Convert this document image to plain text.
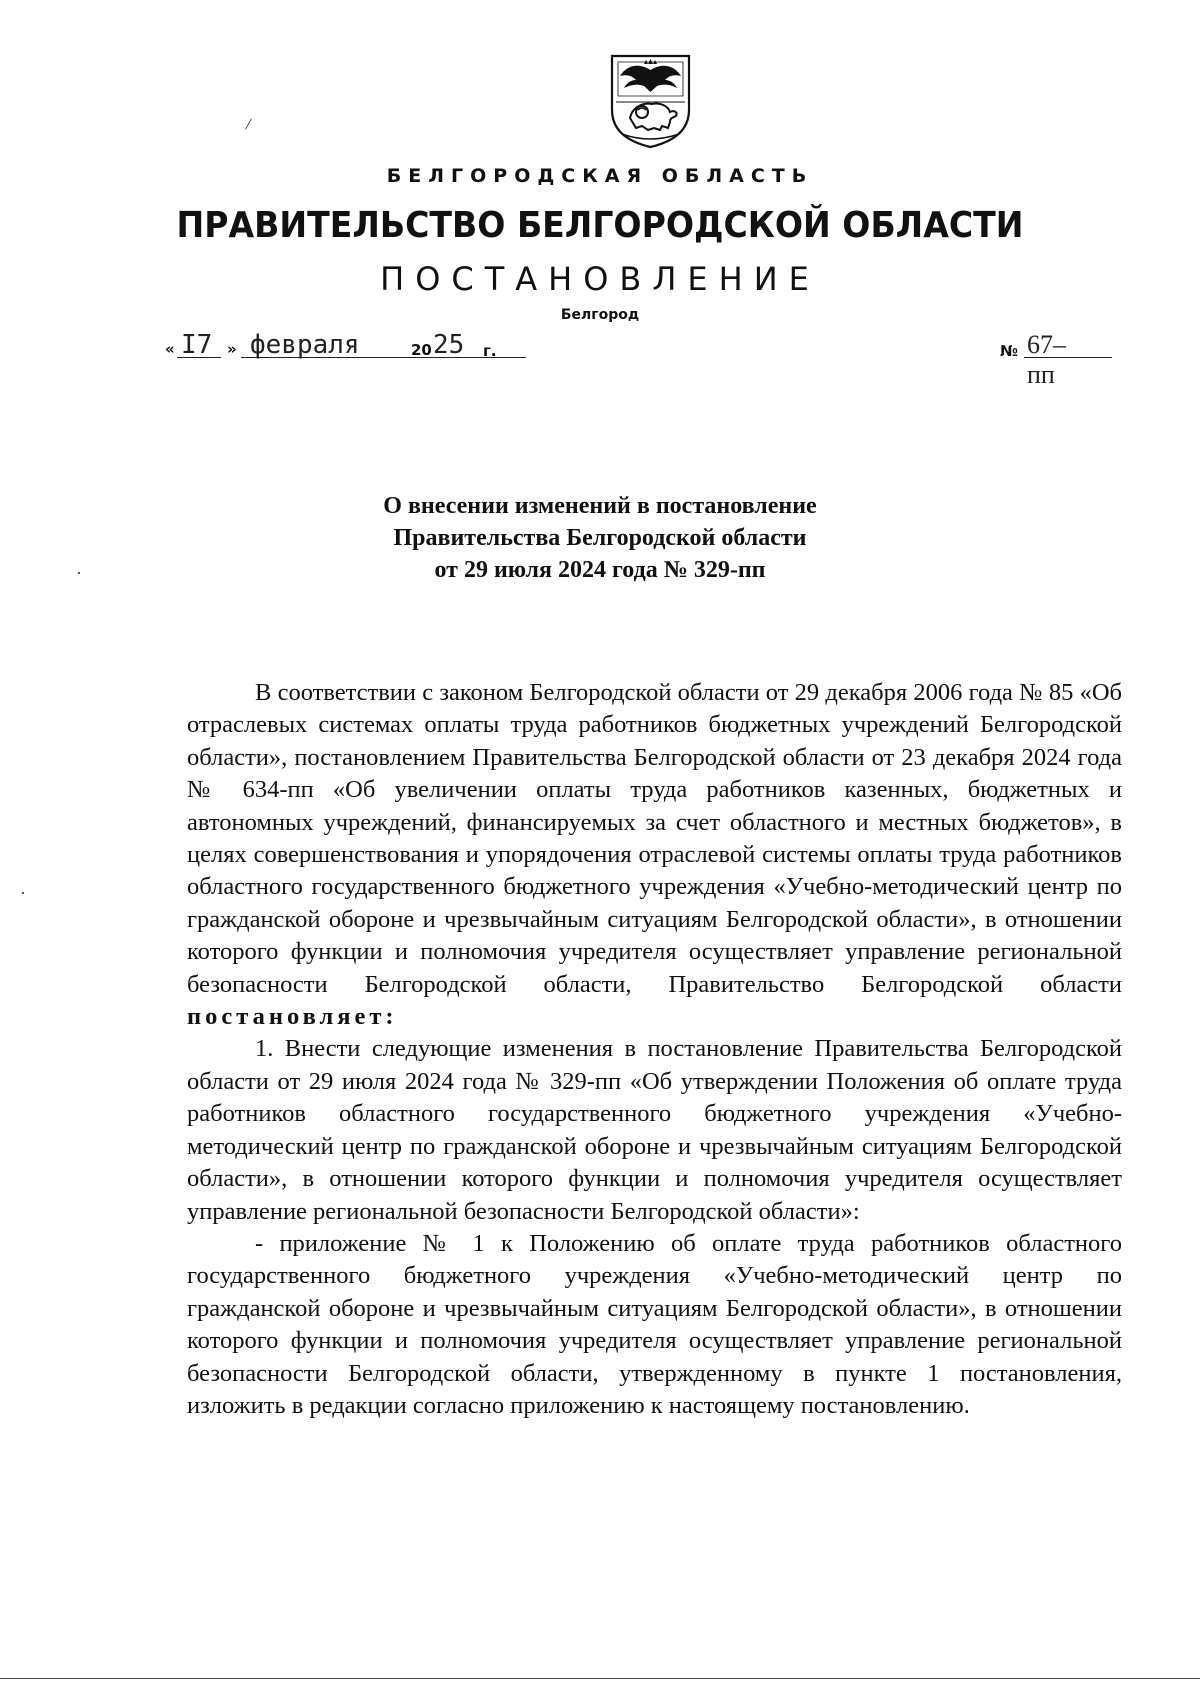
БЕЛГОРОДСКАЯ ОБЛАСТЬ
ПРАВИТЕЛЬСТВО БЕЛГОРОДСКОЙ ОБЛАСТИ
ПОСТАНОВЛЕНИЕ
Белгород
« I7 » февраля	20 25 г.	№ 67–пп
О внесении изменений в постановление
Правительства Белгородской области
от 29 июля 2024 года № 329-пп

В соответствии с законом Белгородской области от 29 декабря 2006 года № 85 «Об отраслевых системах оплаты труда работников бюджетных учреждений Белгородской области», постановлением Правительства Белгородской области от 23 декабря 2024 года № 634-пп «Об увеличении оплаты труда работников казенных, бюджетных и автономных учреждений, финансируемых за счет областного и местных бюджетов», в целях совершенствования и упорядочения отраслевой системы оплаты труда работников областного государственного бюджетного учреждения «Учебно-методический центр по гражданской обороне и чрезвычайным ситуациям Белгородской области», в отношении которого функции и полномочия учредителя осуществляет управление региональной безопасности Белгородской области, Правительство Белгородской области постановляет:

1. Внести следующие изменения в постановление Правительства Белгородской области от 29 июля 2024 года № 329-пп «Об утверждении Положения об оплате труда работников областного государственного бюджетного учреждения «Учебно-методический центр по гражданской обороне и чрезвычайным ситуациям Белгородской области», в отношении которого функции и полномочия учредителя осуществляет управление региональной безопасности Белгородской области»:

- приложение № 1 к Положению об оплате труда работников областного государственного бюджетного учреждения «Учебно-методический центр по гражданской обороне и чрезвычайным ситуациям Белгородской области», в отношении которого функции и полномочия учредителя осуществляет управление региональной безопасности Белгородской области, утвержденному в пункте 1 постановления, изложить в редакции согласно приложению к настоящему постановлению.
